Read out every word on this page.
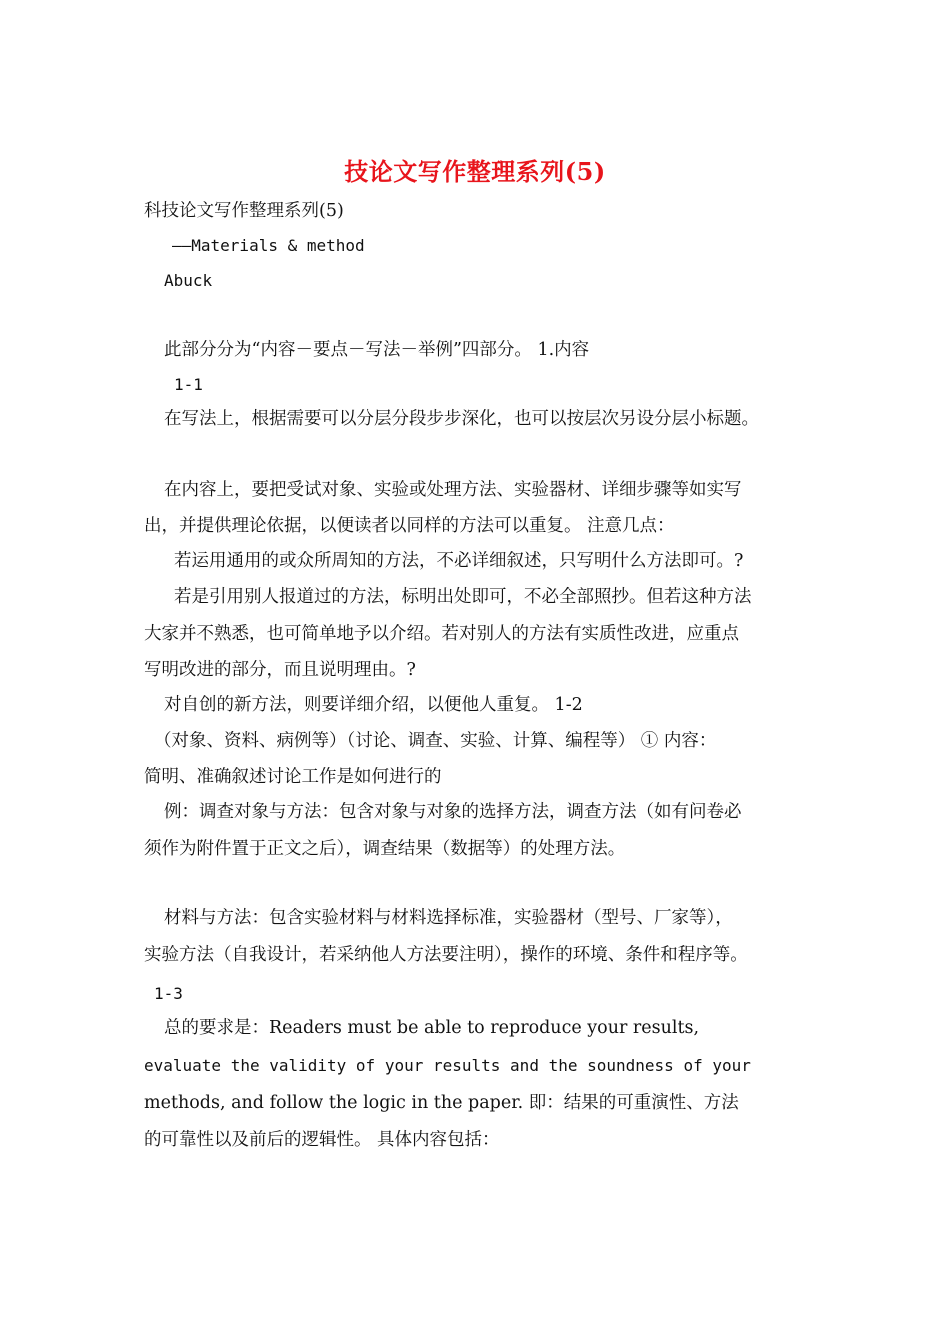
技论文写作整理系列(5)
科技论文写作整理系列(5)
——Materials & method
Abuck
此部分分为“内容－要点－写法－举例”四部分。 1.内容
1-1
在写法上，根据需要可以分层分段步步深化，也可以按层次另设分层小标题。
在内容上，要把受试对象、实验或处理方法、实验器材、详细步骤等如实写
出，并提供理论依据，以便读者以同样的方法可以重复。 注意几点：
若运用通用的或众所周知的方法，不必详细叙述，只写明什么方法即可。?
若是引用别人报道过的方法，标明出处即可，不必全部照抄。但若这种方法
大家并不熟悉，也可简单地予以介绍。若对别人的方法有实质性改进，应重点
写明改进的部分，而且说明理由。?
对自创的新方法，则要详细介绍，以便他人重复。 1-2
（对象、资料、病例等）（讨论、调查、实验、计算、编程等） ① 内容：
简明、准确叙述讨论工作是如何进行的
例：调查对象与方法：包含对象与对象的选择方法，调查方法（如有问卷必
须作为附件置于正文之后），调查结果（数据等）的处理方法。
材料与方法：包含实验材料与材料选择标准，实验器材（型号、厂家等），
实验方法（自我设计，若采纳他人方法要注明），操作的环境、条件和程序等。
1-3
总的要求是：Readers must be able to reproduce your results,
evaluate the validity of your results and the soundness of your
methods, and follow the logic in the paper. 即：结果的可重演性、方法
的可靠性以及前后的逻辑性。 具体内容包括：
